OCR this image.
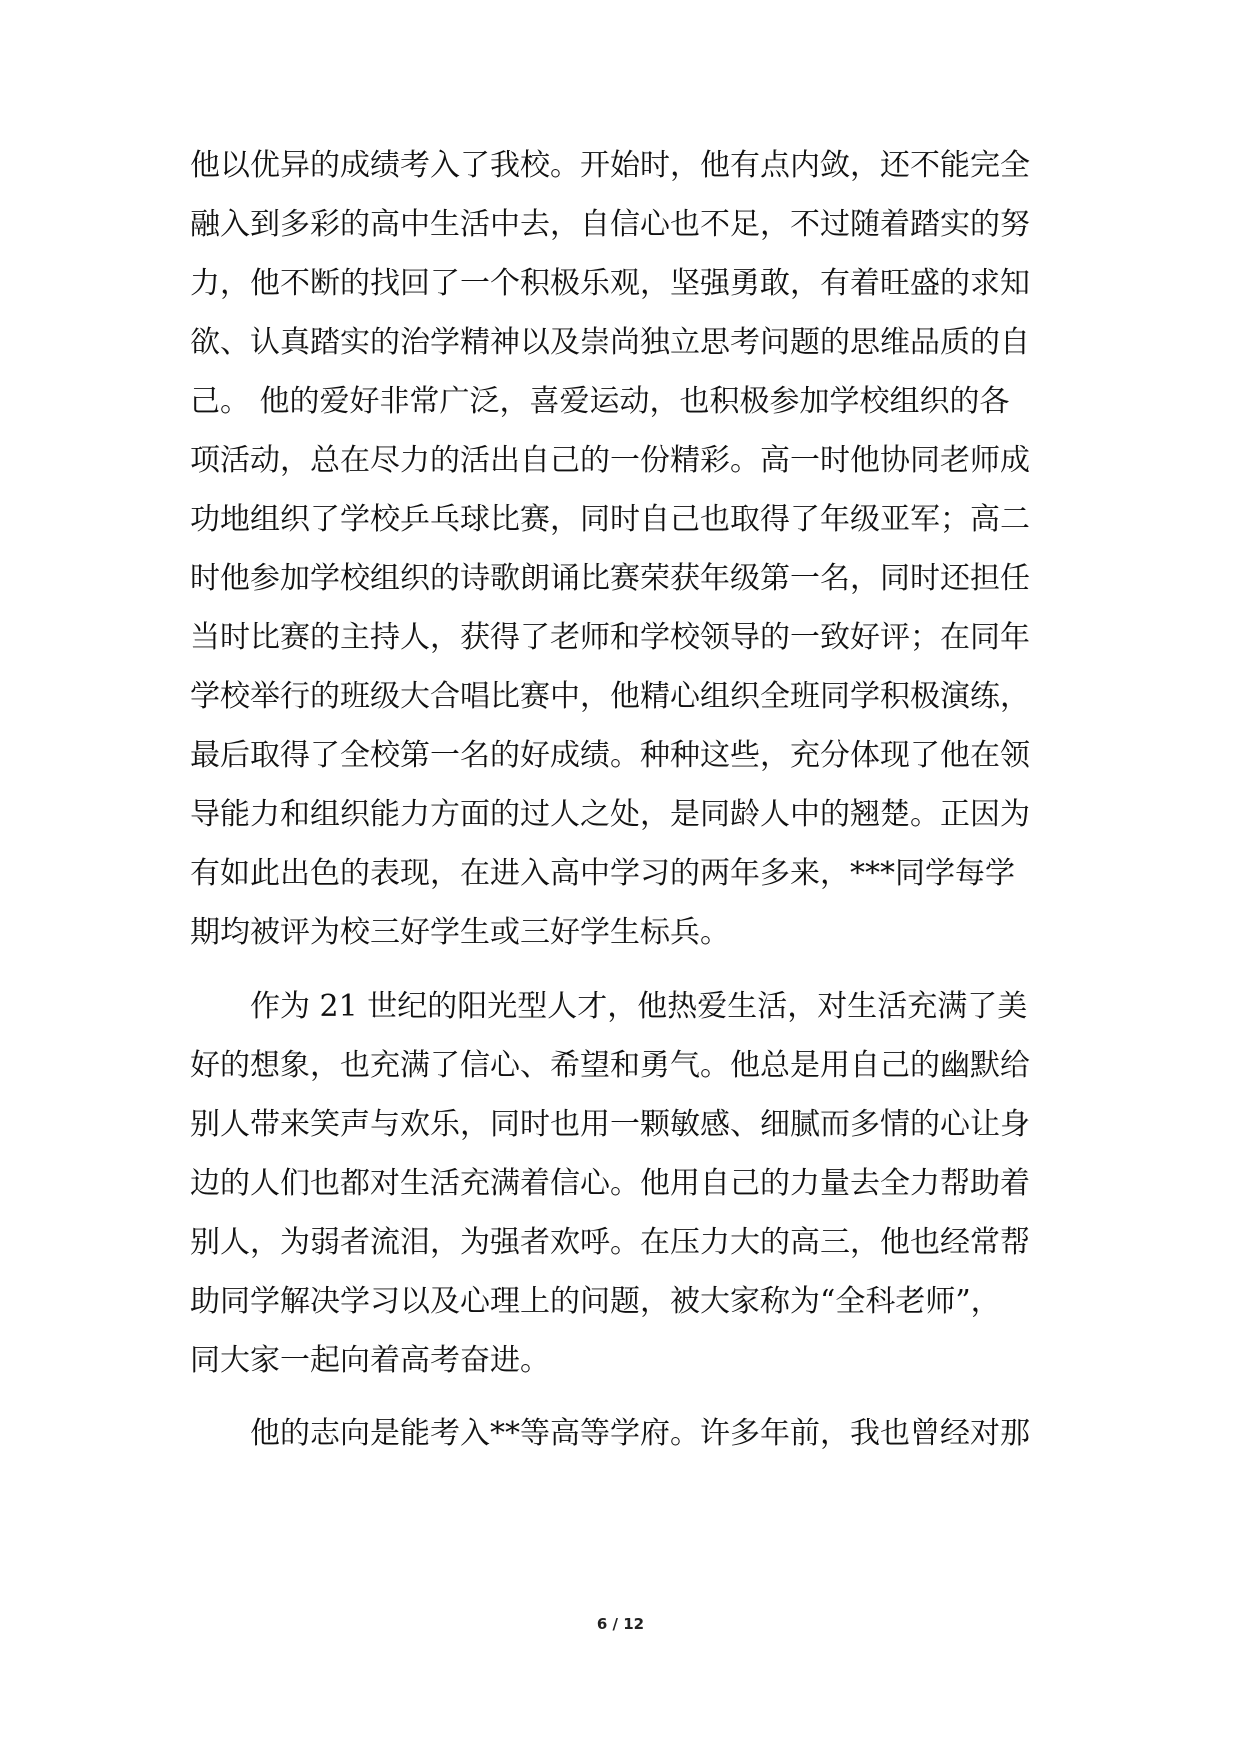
他以优异的成绩考入了我校。开始时，他有点内敛，还不能完全
融入到多彩的高中生活中去，自信心也不足，不过随着踏实的努
力，他不断的找回了一个积极乐观，坚强勇敢，有着旺盛的求知
欲、认真踏实的治学精神以及崇尚独立思考问题的思维品质的自
己。 他的爱好非常广泛，喜爱运动，也积极参加学校组织的各
项活动，总在尽力的活出自己的一份精彩。高一时他协同老师成
功地组织了学校乒乓球比赛，同时自己也取得了年级亚军；高二
时他参加学校组织的诗歌朗诵比赛荣获年级第一名，同时还担任
当时比赛的主持人，获得了老师和学校领导的一致好评；在同年
学校举行的班级大合唱比赛中，他精心组织全班同学积极演练，
最后取得了全校第一名的好成绩。种种这些，充分体现了他在领
导能力和组织能力方面的过人之处，是同龄人中的翘楚。正因为
有如此出色的表现，在进入高中学习的两年多来，***同学每学
期均被评为校三好学生或三好学生标兵。
作为 21 世纪的阳光型人才，他热爱生活，对生活充满了美
好的想象，也充满了信心、希望和勇气。他总是用自己的幽默给
别人带来笑声与欢乐，同时也用一颗敏感、细腻而多情的心让身
边的人们也都对生活充满着信心。他用自己的力量去全力帮助着
别人，为弱者流泪，为强者欢呼。在压力大的高三，他也经常帮
助同学解决学习以及心理上的问题，被大家称为“全科老师”，
同大家一起向着高考奋进。
他的志向是能考入**等高等学府。许多年前，我也曾经对那
6 / 12
